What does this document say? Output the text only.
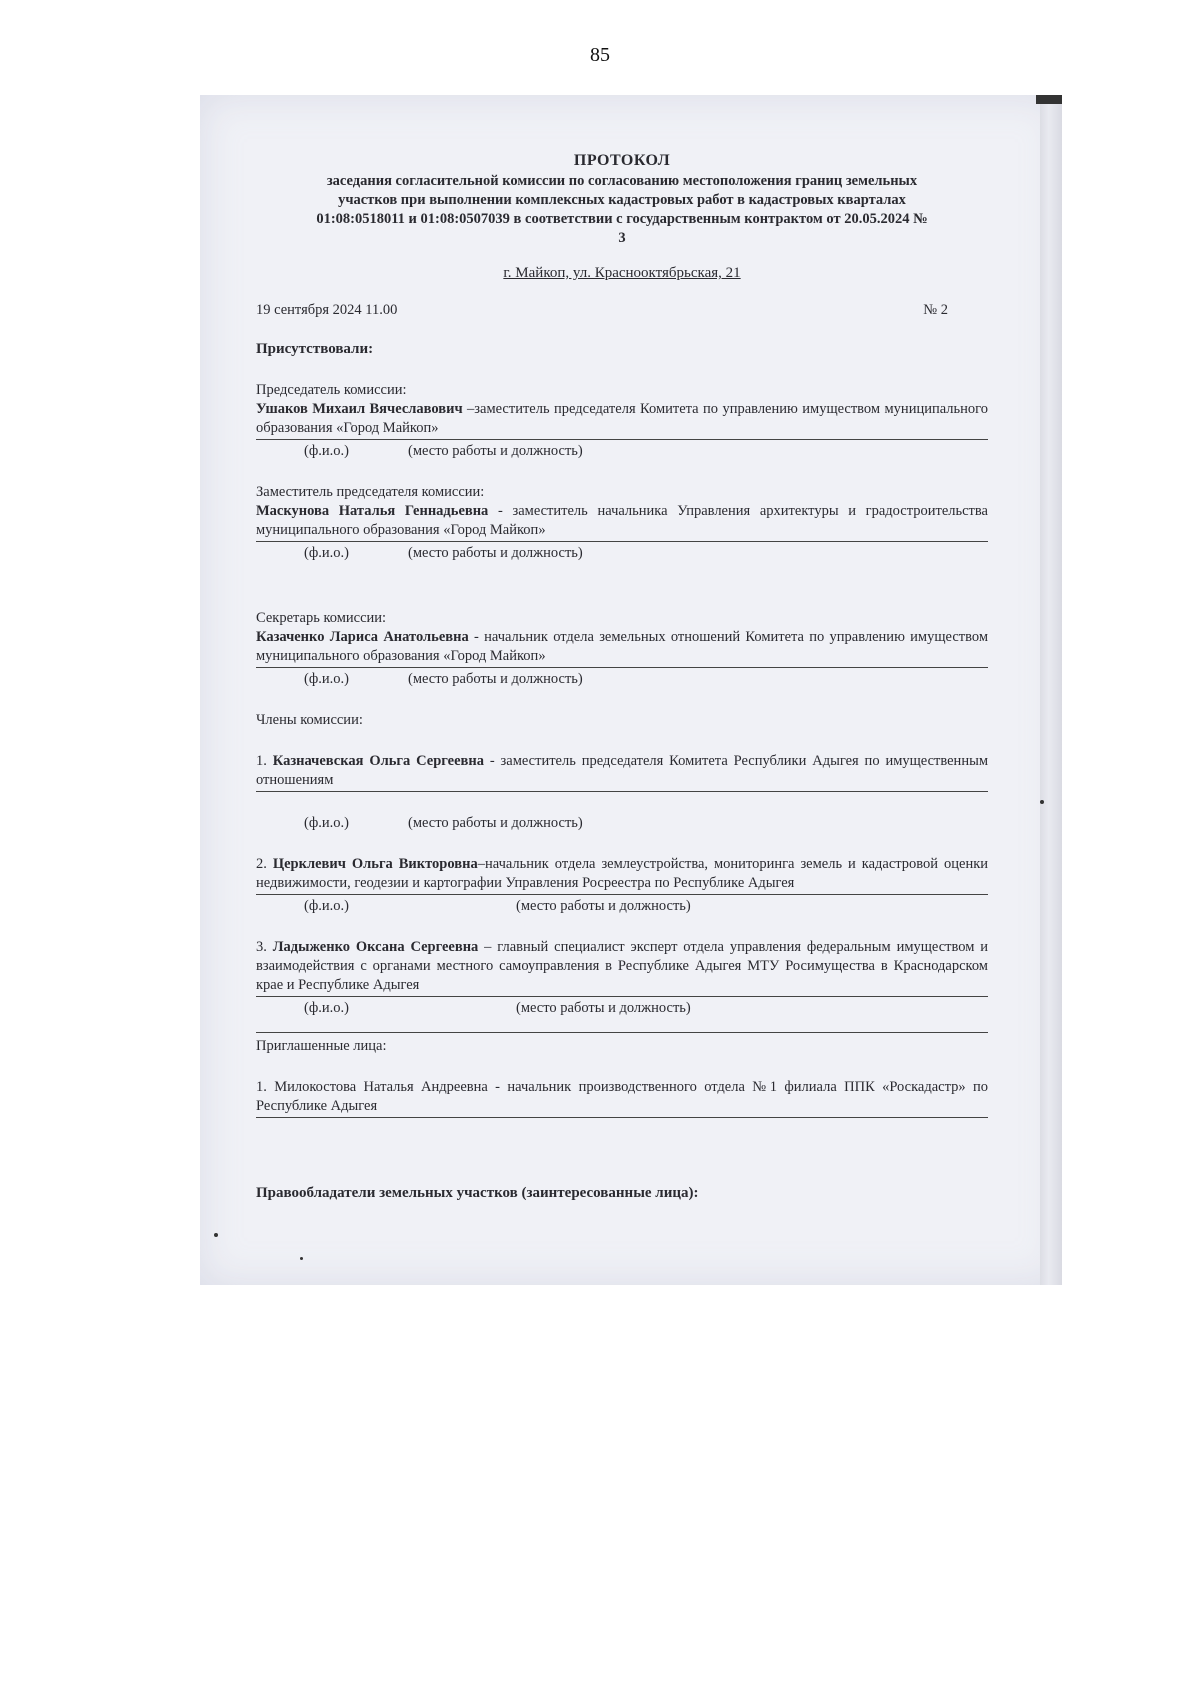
85
ПРОТОКОЛ
заседания согласительной комиссии по согласованию местоположения границ земельных
участков при выполнении комплексных кадастровых работ в кадастровых кварталах
01:08:0518011 и 01:08:0507039 в соответствии с государственным контрактом от 20.05.2024 №
3
г. Майкоп, ул. Краснооктябрьская, 21
19 сентября 2024 11.00	№ 2
Присутствовали:
Председатель комиссии:
Ушаков Михаил Вячеславович –заместитель председателя Комитета по управлению имуществом муниципального образования «Город Майкоп»
(ф.и.о.)	(место работы и должность)
Заместитель председателя комиссии:
Маскунова Наталья Геннадьевна - заместитель начальника Управления архитектуры и градостроительства муниципального образования «Город Майкоп»
(ф.и.о.)	(место работы и должность)
Секретарь комиссии:
Казаченко Лариса Анатольевна - начальник отдела земельных отношений Комитета по управлению имуществом муниципального образования «Город Майкоп»
(ф.и.о.)	(место работы и должность)
Члены комиссии:
1. Казначевская Ольга Сергеевна - заместитель председателя Комитета Республики Адыгея по имущественным отношениям
(ф.и.о.)	(место работы и должность)
2. Церклевич Ольга Викторовна–начальник отдела землеустройства, мониторинга земель и кадастровой оценки недвижимости, геодезии и картографии Управления Росреестра по Республике Адыгея
(ф.и.о.)	(место работы и должность)
3. Ладыженко Оксана Сергеевна – главный специалист эксперт отдела управления федеральным имуществом и взаимодействия с органами местного самоуправления в Республике Адыгея МТУ Росимущества в Краснодарском крае и Республике Адыгея
(ф.и.о.)	(место работы и должность)
Приглашенные лица:
1. Милокостова Наталья Андреевна - начальник производственного отдела №1 филиала ППК «Роскадастр» по Республике Адыгея
Правообладатели земельных участков (заинтересованные лица):
